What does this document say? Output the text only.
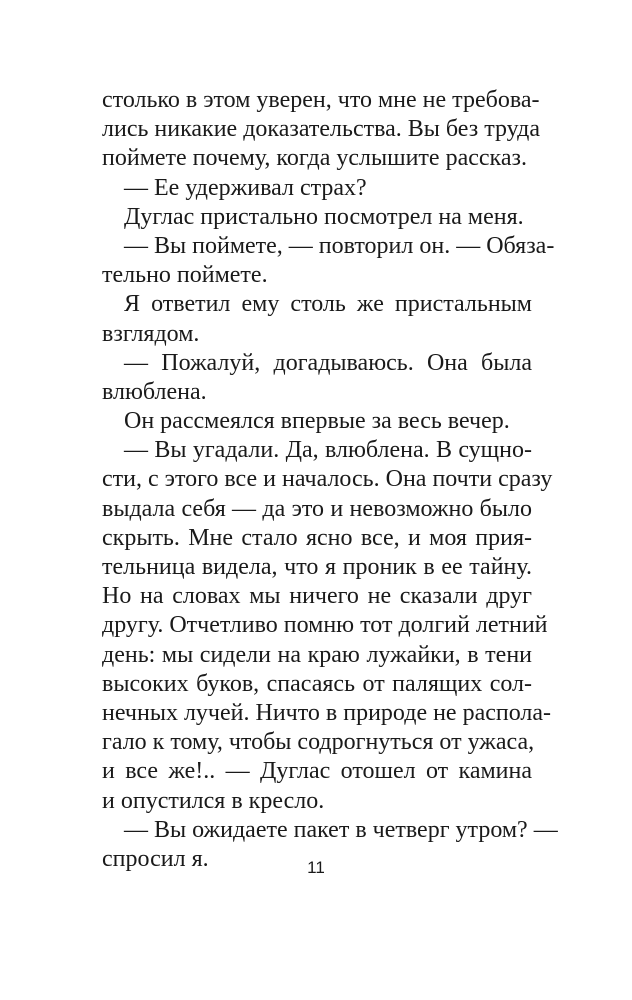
столько в этом уверен, что мне не требова-
лись никакие доказательства. Вы без труда
поймете почему, когда услышите рассказ.
— Ее удерживал страх?
Дуглас пристально посмотрел на меня.
— Вы поймете, — повторил он. — Обяза-
тельно поймете.
Я ответил ему столь же пристальным
взглядом.
— Пожалуй, догадываюсь. Она была
влюблена.
Он рассмеялся впервые за весь вечер.
— Вы угадали. Да, влюблена. В сущно-
сти, с этого все и началось. Она почти сразу
выдала себя — да это и невозможно было
скрыть. Мне стало ясно все, и моя прия-
тельница видела, что я проник в ее тайну.
Но на словах мы ничего не сказали друг
другу. Отчетливо помню тот долгий летний
день: мы сидели на краю лужайки, в тени
высоких буков, спасаясь от палящих сол-
нечных лучей. Ничто в природе не распола-
гало к тому, чтобы содрогнуться от ужаса,
и все же!.. — Дуглас отошел от камина
и опустился в кресло.
— Вы ожидаете пакет в четверг утром? —
спросил я.	11
